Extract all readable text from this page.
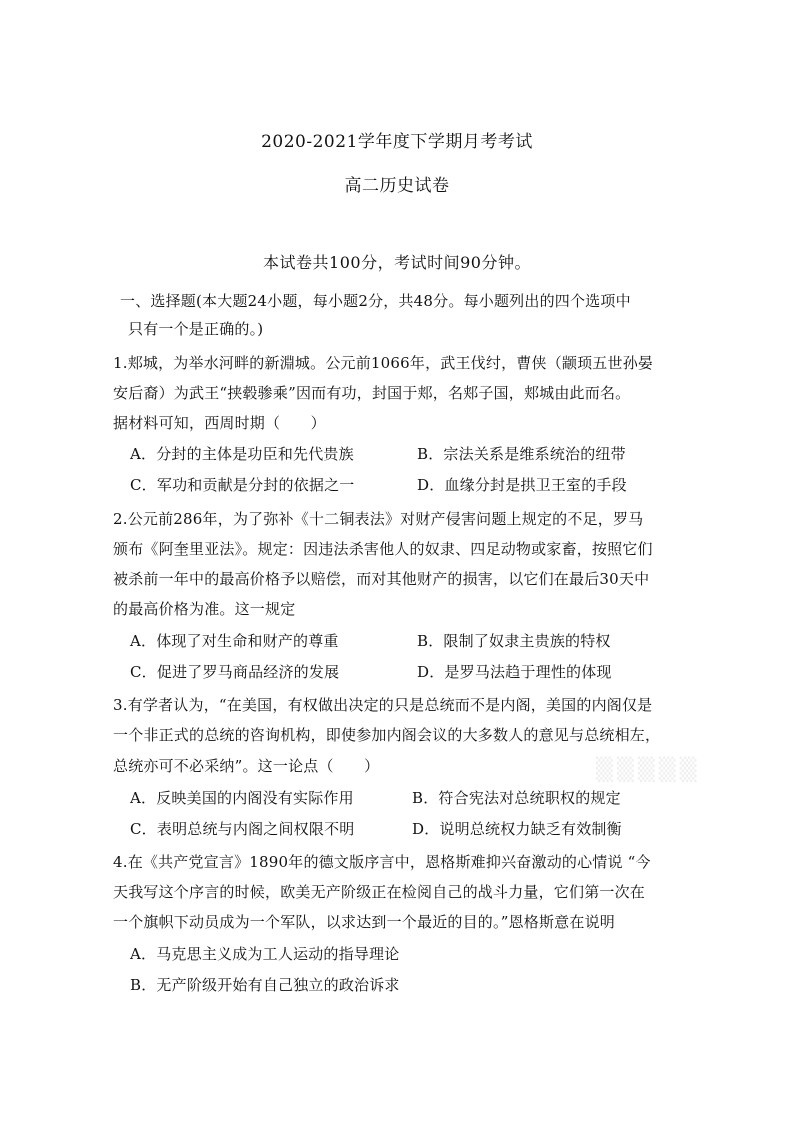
2020-2021学年度下学期月考考试
高二历史试卷
本试卷共100分，考试时间90分钟。
一、选择题(本大题24小题，每小题2分，共48分。每小题列出的四个选项中
只有一个是正确的。)
1.郏城，为举水河畔的新淵城。公元前1066年，武王伐纣，曹侠（颛顼五世孙晏
安后裔）为武王“挟毂骖乘”因而有功，封国于郏，名郏子国，郏城由此而名。
据材料可知，西周时期（　　）
A．分封的主体是功臣和先代贵族	B．宗法关系是维系统治的纽带
C．军功和贡献是分封的依据之一	D．血缘分封是拱卫王室的手段
2.公元前286年，为了弥补《十二铜表法》对财产侵害问题上规定的不足，罗马
颁布《阿奎里亚法》。规定：因违法杀害他人的奴隶、四足动物或家畜，按照它们
被杀前一年中的最高价格予以赔偿，而对其他财产的损害，以它们在最后30天中
的最高价格为准。这一规定
A．体现了对生命和财产的尊重	B．限制了奴隶主贵族的特权
C．促进了罗马商品经济的发展	D．是罗马法趋于理性的体现
3.有学者认为，“在美国，有权做出决定的只是总统而不是内阁，美国的内阁仅是
一个非正式的总统的咨询机构，即使参加内阁会议的大多数人的意见与总统相左，
总统亦可不必采纳”。这一论点（　　）
A．反映美国的内阁没有实际作用	B．符合宪法对总统职权的规定
C．表明总统与内阁之间权限不明	D．说明总统权力缺乏有效制衡
4.在《共产党宣言》1890年的德文版序言中，恩格斯难抑兴奋激动的心情说 “今
天我写这个序言的时候，欧美无产阶级正在检阅自己的战斗力量，它们第一次在
一个旗帜下动员成为一个军队，以求达到一个最近的目的。”恩格斯意在说明
A．马克思主义成为工人运动的指导理论
B．无产阶级开始有自己独立的政治诉求
▒▒▒▒▒
